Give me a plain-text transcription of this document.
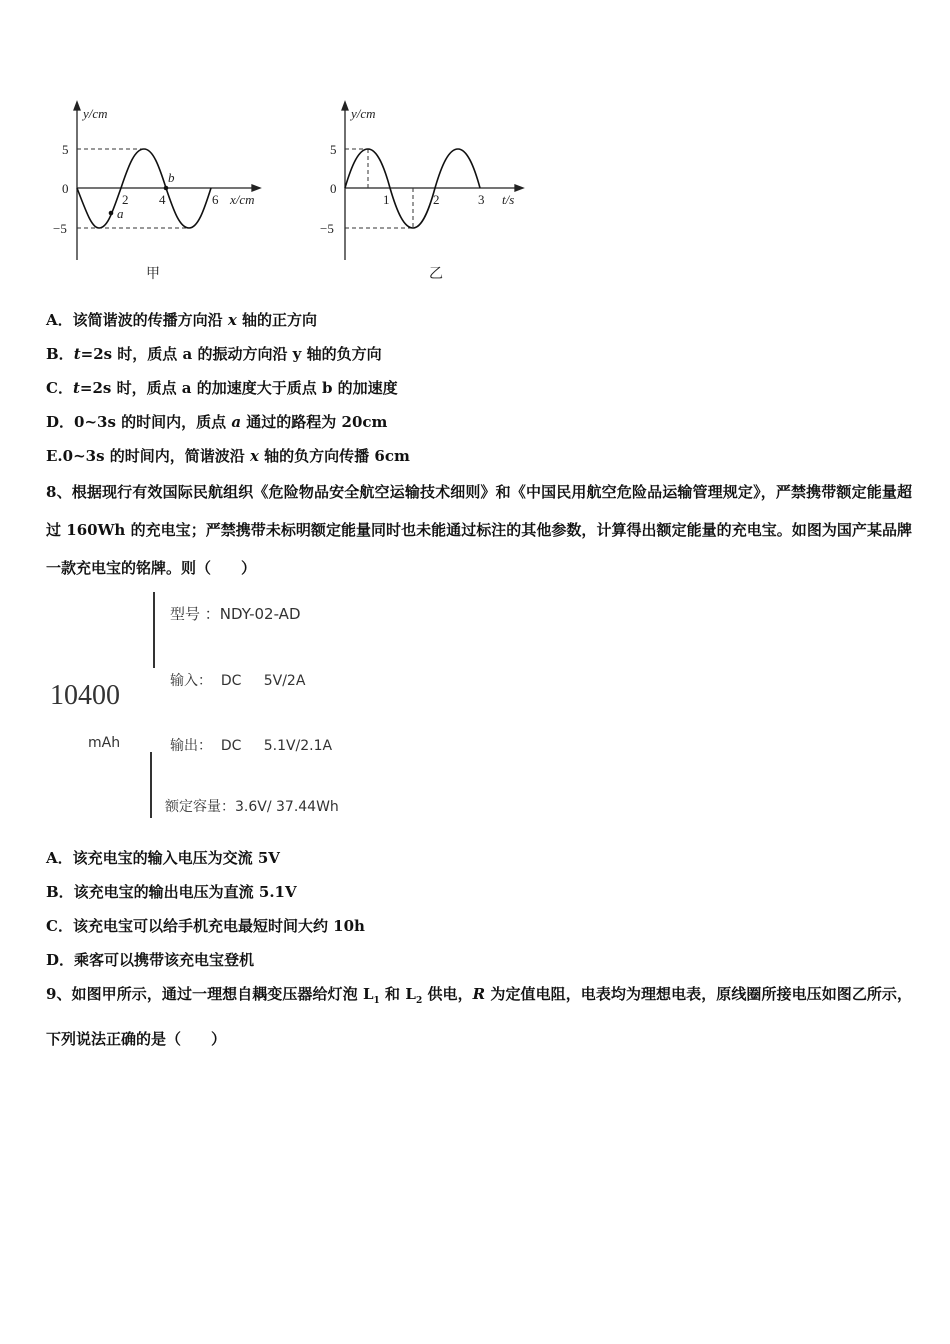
y/cm
5
0
−5
2 4	6 x/cm
a
b
甲
y/cm
5
0
−5
1	2	3 t/s
乙
A．该简谐波的传播方向沿 x 轴的正方向
B．t=2s 时，质点 a 的振动方向沿 y 轴的负方向
C．t=2s 时，质点 a 的加速度大于质点 b 的加速度
D．0~3s 的时间内，质点 a 通过的路程为 20cm
E.0~3s 的时间内，简谐波沿 x 轴的负方向传播 6cm
8、根据现行有效国际民航组织《危险物品安全航空运输技术细则》和《中国民用航空危险品运输管理规定》，严禁携带额定能量超过 160Wh 的充电宝；严禁携带未标明额定能量同时也未能通过标注的其他参数，计算得出额定能量的充电宝。如图为国产某品牌一款充电宝的铭牌。则（　　）
10400
mAh
型号 ：NDY-02-AD
输入：  DC     5V/2A
输出：  DC     5.1V/2.1A
额定容量：3.6V/ 37.44Wh
A．该充电宝的输入电压为交流 5V
B．该充电宝的输出电压为直流 5.1V
C．该充电宝可以给手机充电最短时间大约 10h
D．乘客可以携带该充电宝登机
9、如图甲所示，通过一理想自耦变压器给灯泡 $L_1$ 和 $L_2$ 供电，R 为定值电阻，电表均为理想电表，原线圈所接电压如图乙所示，下列说法正确的是（　　）
